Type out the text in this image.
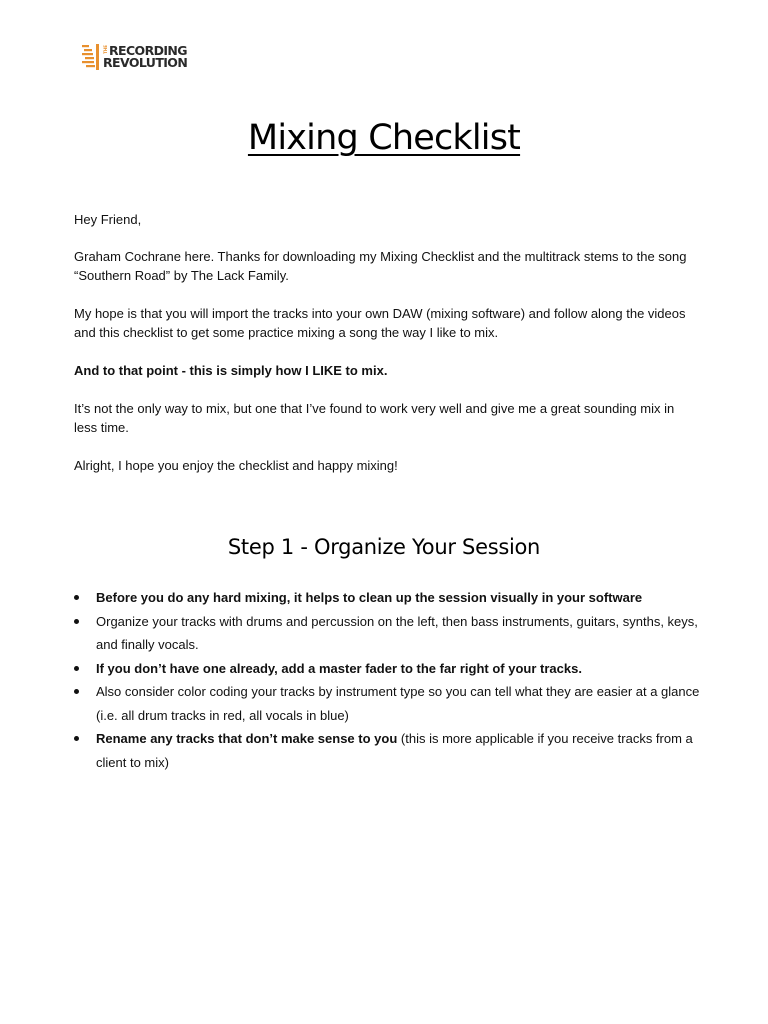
THE RECORDING
REVOLUTION
Mixing Checklist

Hey Friend,

Graham Cochrane here. Thanks for downloading my Mixing Checklist and the multitrack stems to the song “Southern Road” by The Lack Family.

My hope is that you will import the tracks into your own DAW (mixing software) and follow along the videos and this checklist to get some practice mixing a song the way I like to mix.

And to that point - this is simply how I LIKE to mix.

It’s not the only way to mix, but one that I’ve found to work very well and give me a great sounding mix in less time.

Alright, I hope you enjoy the checklist and happy mixing!

Step 1 - Organize Your Session
Before you do any hard mixing, it helps to clean up the session visually in your software
Organize your tracks with drums and percussion on the left, then bass instruments, guitars, synths, keys, and finally vocals.
If you don’t have one already, add a master fader to the far right of your tracks.
Also consider color coding your tracks by instrument type so you can tell what they are easier at a glance (i.e. all drum tracks in red, all vocals in blue)
Rename any tracks that don’t make sense to you (this is more applicable if you receive tracks from a client to mix)
